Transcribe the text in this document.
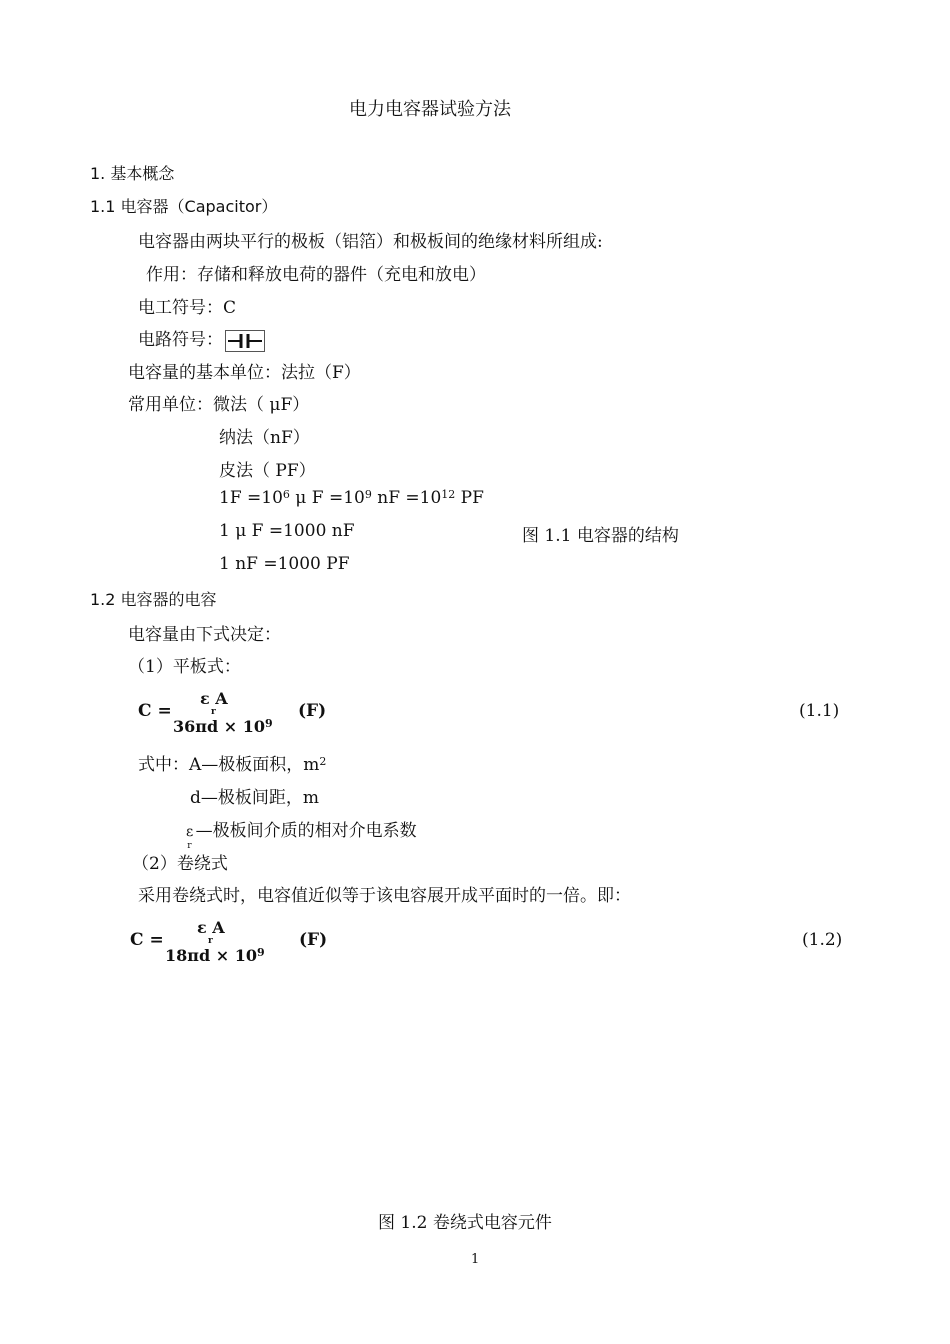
电力电容器试验方法
1. 基本概念
1.1 电容器（Capacitor）
电容器由两块平行的极板（铝箔）和极板间的绝缘材料所组成:
作用：存储和释放电荷的器件（充电和放电）
电工符号：C
电路符号：
电容量的基本单位：法拉（F）
常用单位：微法（ μF）
纳法（nF）
皮法（ PF）
$1F =10^6$ μ $F =10^9$ nF $=10^{12}$ PF
1 μ F =1000 nF	图 1.1 电容器的结构
1 nF =1000 PF
1.2 电容器的电容
电容量由下式决定：
（1）平板式：
C =
ε A
r
$36\pi d \times 10^9$
(F)	(1.1)
式中：A—极板面积，$m^2$
d—极板间距，m
$\varepsilon_r—$极板间介质的相对介电系数
（2）卷绕式
采用卷绕式时，电容值近似等于该电容展开成平面时的一倍。即：
C =
ε A
r
$18\pi d \times 10^9$
(F)	(1.2)
图 1.2 卷绕式电容元件
1
